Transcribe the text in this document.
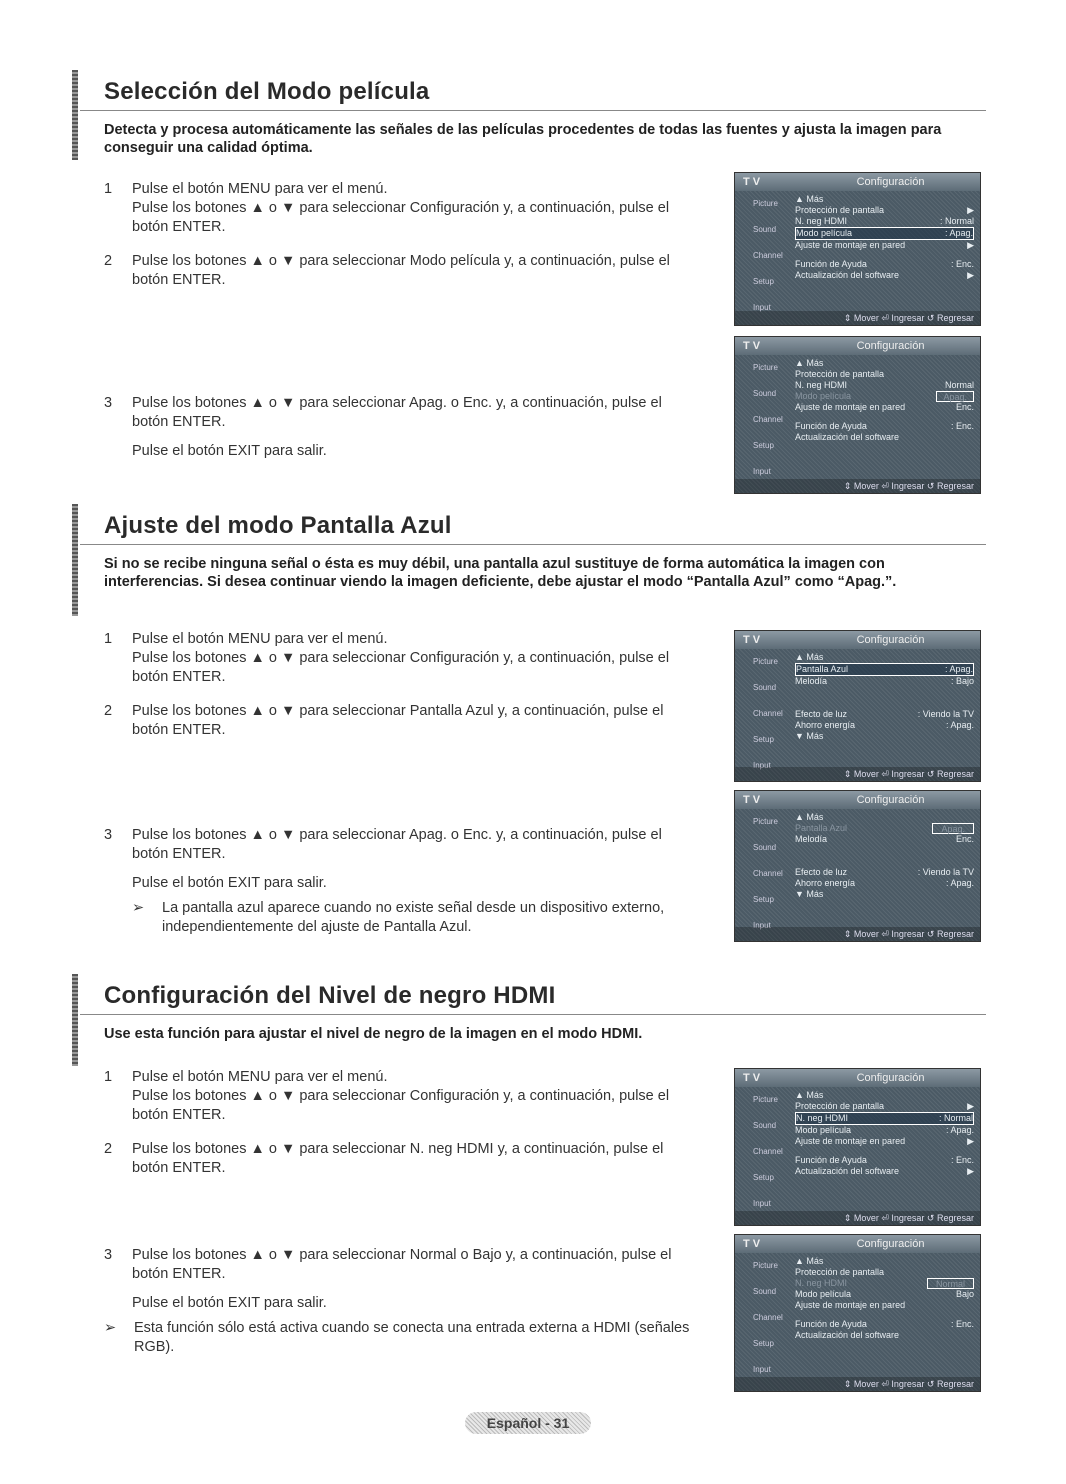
Selección del Modo película
Detecta y procesa automáticamente las señales de las películas procedentes de todas las fuentes y ajusta la imagen para conseguir una calidad óptima.
1	Pulse el botón MENU para ver el menú.

Pulse los botones ▲ o ▼ para seleccionar Configuración y, a continuación, pulse el botón ENTER.

2	Pulse los botones ▲ o ▼ para seleccionar Modo película y, a continuación, pulse el botón ENTER.

3	Pulse los botones ▲ o ▼ para seleccionar Apag. o Enc. y, a continuación, pulse el botón ENTER.

Pulse el botón EXIT para salir.

T V	Configuración
Picture
Sound
Channel
Setup
Input
▲ Más
Protección de pantalla	▶
N. neg HDMI	: Normal
Modo película	: Apag.
Ajuste de montaje en pared	▶
Función de Ayuda	: Enc.
Actualización del software	▶
⇕ Mover ⏎ Ingresar ↺ Regresar
T V	Configuración
Picture
Sound
Channel
Setup
Input
▲ Más
Protección de pantalla
N. neg HDMI	Normal
Modo película	Apag.
Ajuste de montaje en pared	Enc.
Función de Ayuda	: Enc.
Actualización del software
⇕ Mover ⏎ Ingresar ↺ Regresar
Ajuste del modo Pantalla Azul
Si no se recibe ninguna señal o ésta es muy débil, una pantalla azul sustituye de forma automática la imagen con interferencias. Si desea continuar viendo la imagen deficiente, debe ajustar el modo “Pantalla Azul” como “Apag.”.
1	Pulse el botón MENU para ver el menú.

Pulse los botones ▲ o ▼ para seleccionar Configuración y, a continuación, pulse el botón ENTER.

2	Pulse los botones ▲ o ▼ para seleccionar Pantalla Azul y, a continuación, pulse el botón ENTER.

3	Pulse los botones ▲ o ▼ para seleccionar Apag. o Enc. y, a continuación, pulse el botón ENTER.

Pulse el botón EXIT para salir.

➢ La pantalla azul aparece cuando no existe señal desde un dispositivo externo, independientemente del ajuste de Pantalla Azul.
T V	Configuración
Picture
Sound
Channel
Setup
Input
▲ Más
Pantalla Azul	: Apag.
Melodía	: Bajo
Efecto de luz	: Viendo la TV
Ahorro energía	: Apag.
▼ Más
⇕ Mover ⏎ Ingresar ↺ Regresar
T V	Configuración
Picture
Sound
Channel
Setup
Input
▲ Más
Pantalla Azul	Apag.
Melodía	Enc.
Efecto de luz	: Viendo la TV
Ahorro energía	: Apag.
▼ Más
⇕ Mover ⏎ Ingresar ↺ Regresar
Configuración del Nivel de negro HDMI
Use esta función para ajustar el nivel de negro de la imagen en el modo HDMI.
1	Pulse el botón MENU para ver el menú.

Pulse los botones ▲ o ▼ para seleccionar Configuración y, a continuación, pulse el botón ENTER.

2	Pulse los botones ▲ o ▼ para seleccionar N. neg HDMI y, a continuación, pulse el botón ENTER.

3	Pulse los botones ▲ o ▼ para seleccionar Normal o Bajo y, a continuación, pulse el botón ENTER.

Pulse el botón EXIT para salir.

➢ Esta función sólo está activa cuando se conecta una entrada externa a HDMI (señales RGB).
T V	Configuración
Picture
Sound
Channel
Setup
Input
▲ Más
Protección de pantalla	▶
N. neg HDMI	: Normal
Modo película	: Apag.
Ajuste de montaje en pared	▶
Función de Ayuda	: Enc.
Actualización del software	▶
⇕ Mover ⏎ Ingresar ↺ Regresar
T V	Configuración
Picture
Sound
Channel
Setup
Input
▲ Más
Protección de pantalla
N. neg HDMI	Normal
Modo película	Bajo
Ajuste de montaje en pared
Función de Ayuda	: Enc.
Actualización del software
⇕ Mover ⏎ Ingresar ↺ Regresar
Español - 31
